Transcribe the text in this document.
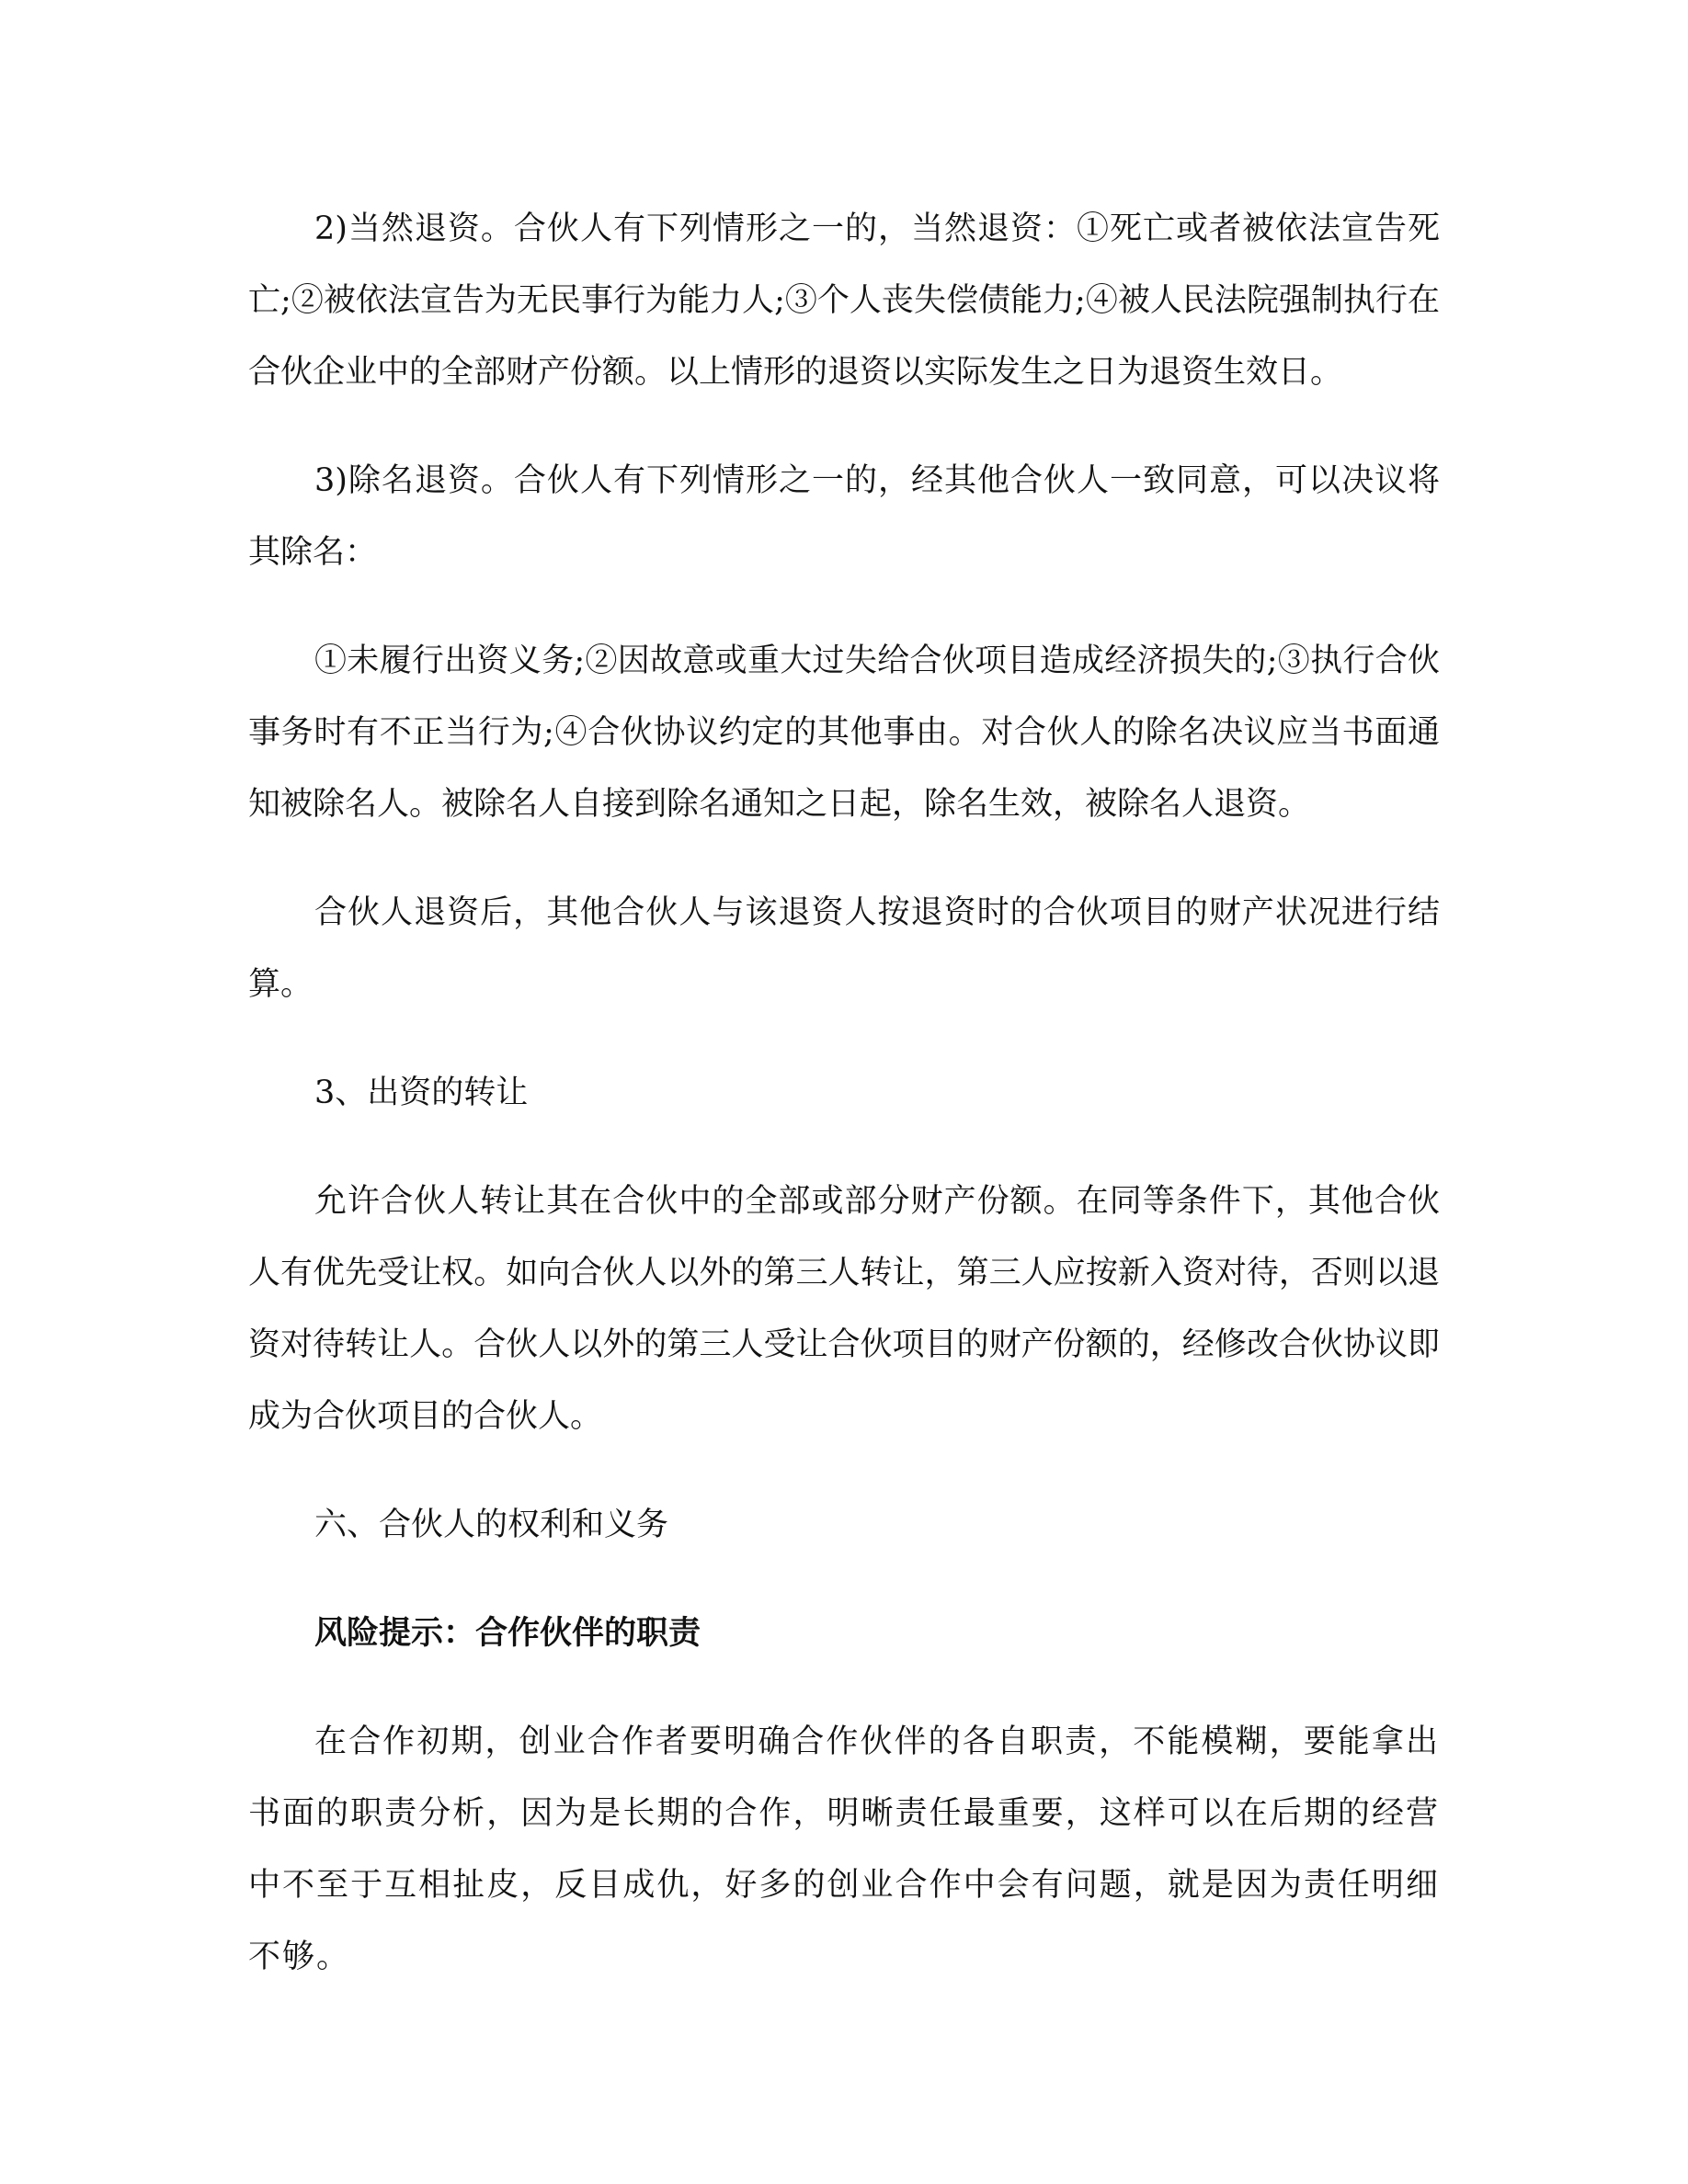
2)当然退资。合伙人有下列情形之一的，当然退资：①死亡或者被依法宣告死亡;②被依法宣告为无民事行为能力人;③个人丧失偿债能力;④被人民法院强制执行在合伙企业中的全部财产份额。以上情形的退资以实际发生之日为退资生效日。

3)除名退资。合伙人有下列情形之一的，经其他合伙人一致同意，可以决议将其除名：

①未履行出资义务;②因故意或重大过失给合伙项目造成经济损失的;③执行合伙事务时有不正当行为;④合伙协议约定的其他事由。对合伙人的除名决议应当书面通知被除名人。被除名人自接到除名通知之日起，除名生效，被除名人退资。

合伙人退资后，其他合伙人与该退资人按退资时的合伙项目的财产状况进行结算。

3、出资的转让

允许合伙人转让其在合伙中的全部或部分财产份额。在同等条件下，其他合伙人有优先受让权。如向合伙人以外的第三人转让，第三人应按新入资对待，否则以退资对待转让人。合伙人以外的第三人受让合伙项目的财产份额的，经修改合伙协议即成为合伙项目的合伙人。

六、合伙人的权利和义务

风险提示：合作伙伴的职责

在合作初期，创业合作者要明确合作伙伴的各自职责，不能模糊，要能拿出书面的职责分析，因为是长期的合作，明晰责任最重要，这样可以在后期的经营中不至于互相扯皮，反目成仇，好多的创业合作中会有问题，就是因为责任明细不够。
